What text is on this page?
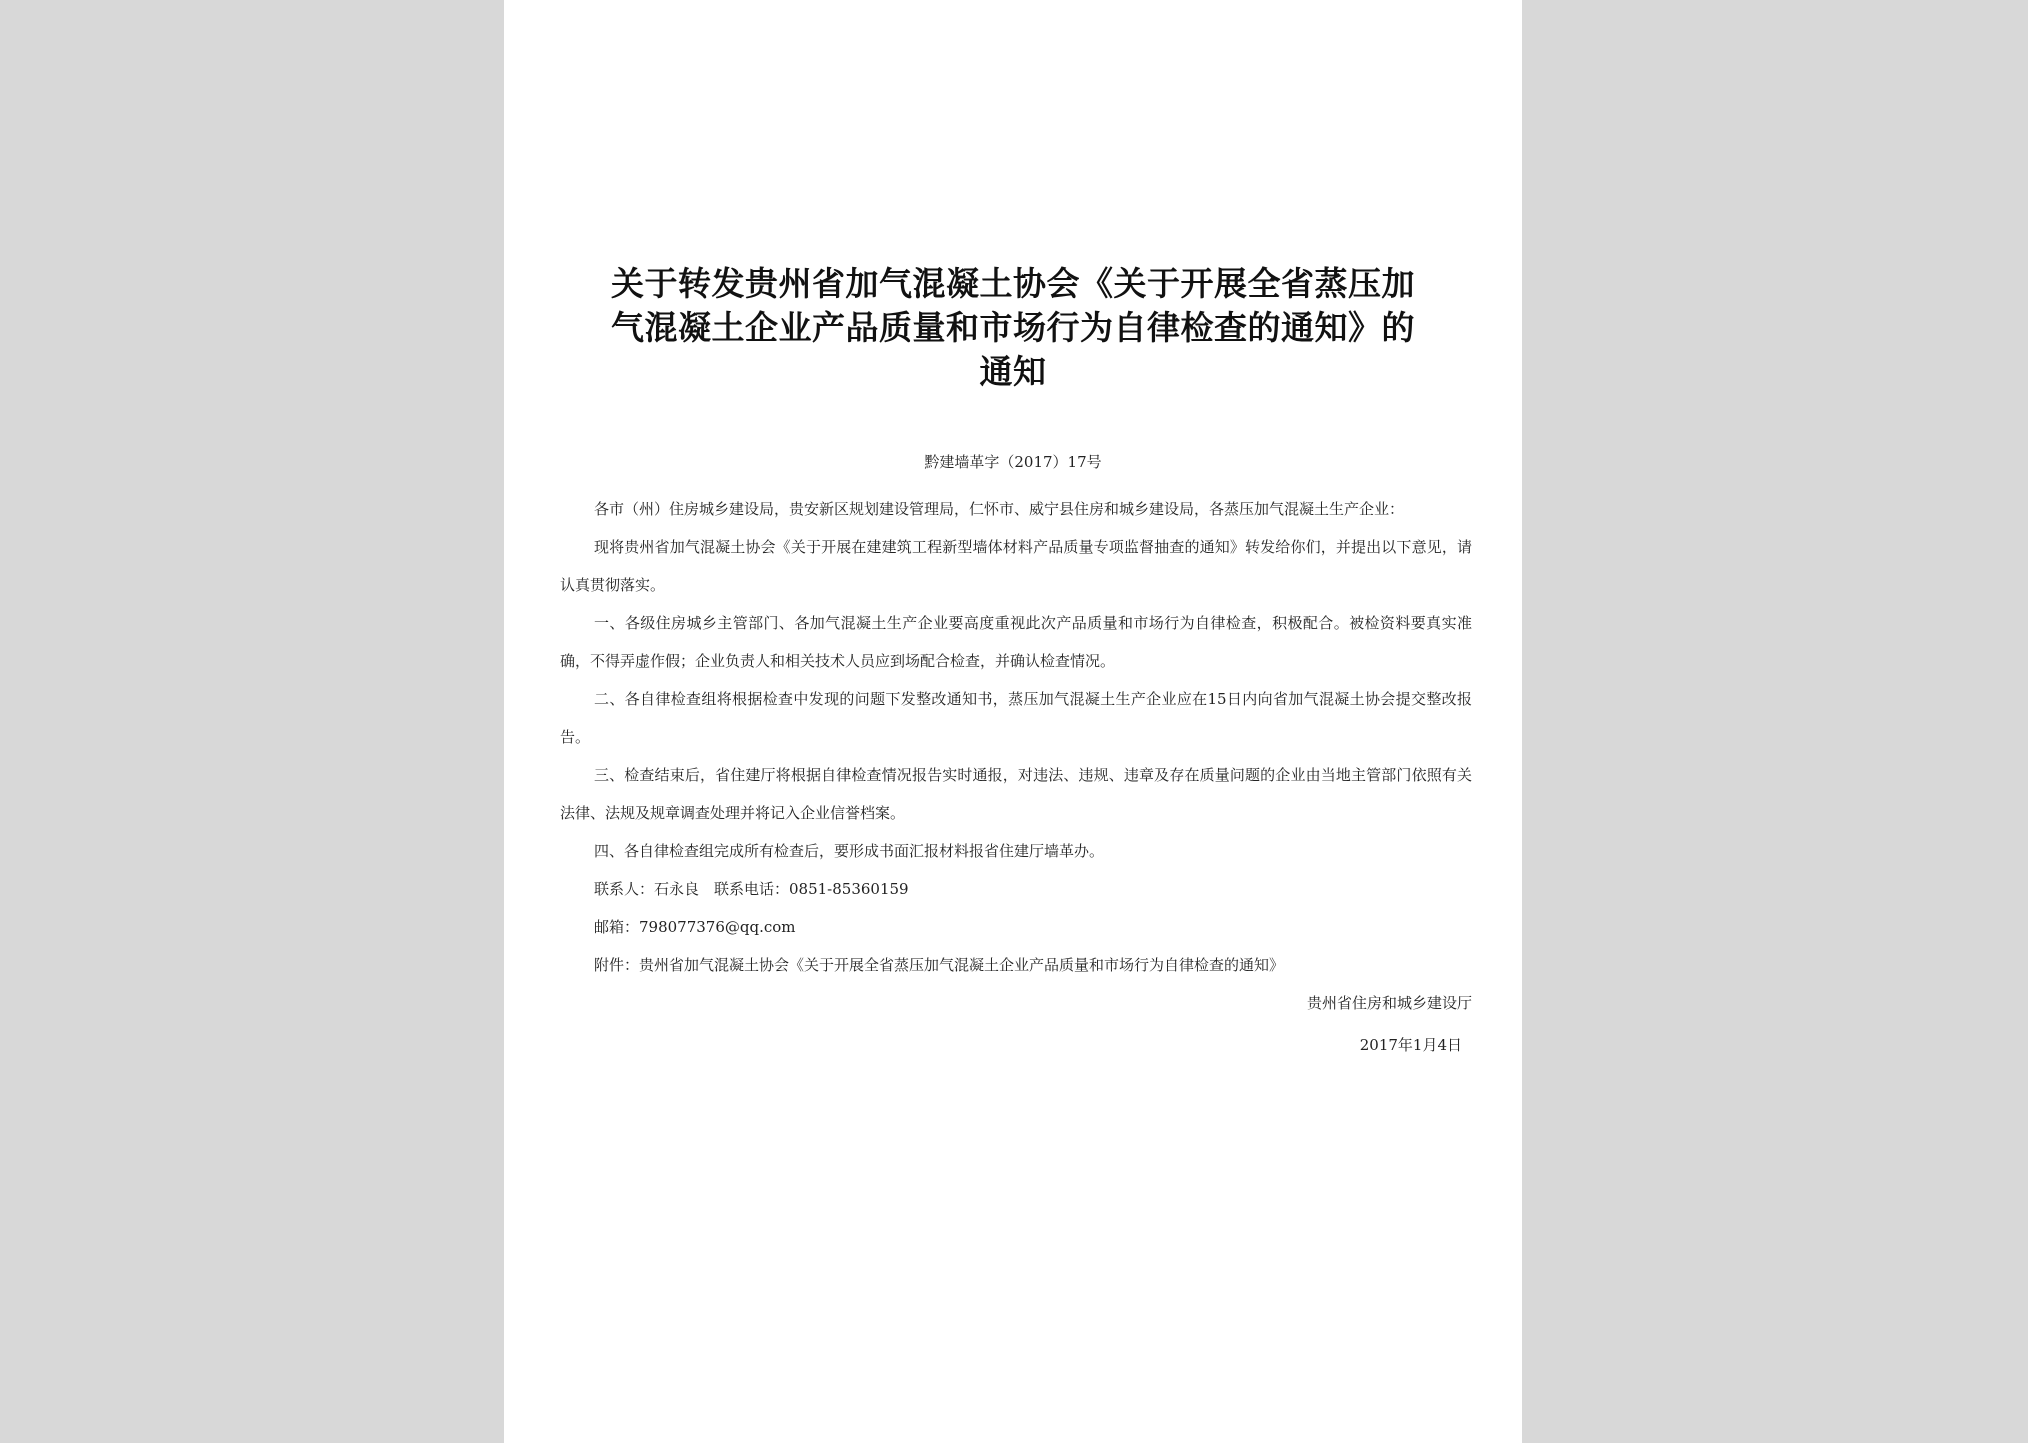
关于转发贵州省加气混凝土协会《关于开展全省蒸压加
气混凝土企业产品质量和市场行为自律检查的通知》的
通知
黔建墙革字（2017）17号

各市（州）住房城乡建设局，贵安新区规划建设管理局，仁怀市、威宁县住房和城乡建设局，各蒸压加气混凝土生产企业：

现将贵州省加气混凝土协会《关于开展在建建筑工程新型墙体材料产品质量专项监督抽查的通知》转发给你们，并提出以下意见，请认真贯彻落实。

一、各级住房城乡主管部门、各加气混凝土生产企业要高度重视此次产品质量和市场行为自律检查，积极配合。被检资料要真实准确，不得弄虚作假；企业负责人和相关技术人员应到场配合检查，并确认检查情况。

二、各自律检查组将根据检查中发现的问题下发整改通知书，蒸压加气混凝土生产企业应在15日内向省加气混凝土协会提交整改报告。

三、检查结束后，省住建厅将根据自律检查情况报告实时通报，对违法、违规、违章及存在质量问题的企业由当地主管部门依照有关法律、法规及规章调查处理并将记入企业信誉档案。

四、各自律检查组完成所有检查后，要形成书面汇报材料报省住建厅墙革办。

联系人：石永良　联系电话：0851-85360159

邮箱：798077376@qq.com

附件：贵州省加气混凝土协会《关于开展全省蒸压加气混凝土企业产品质量和市场行为自律检查的通知》

贵州省住房和城乡建设厅

2017年1月4日
